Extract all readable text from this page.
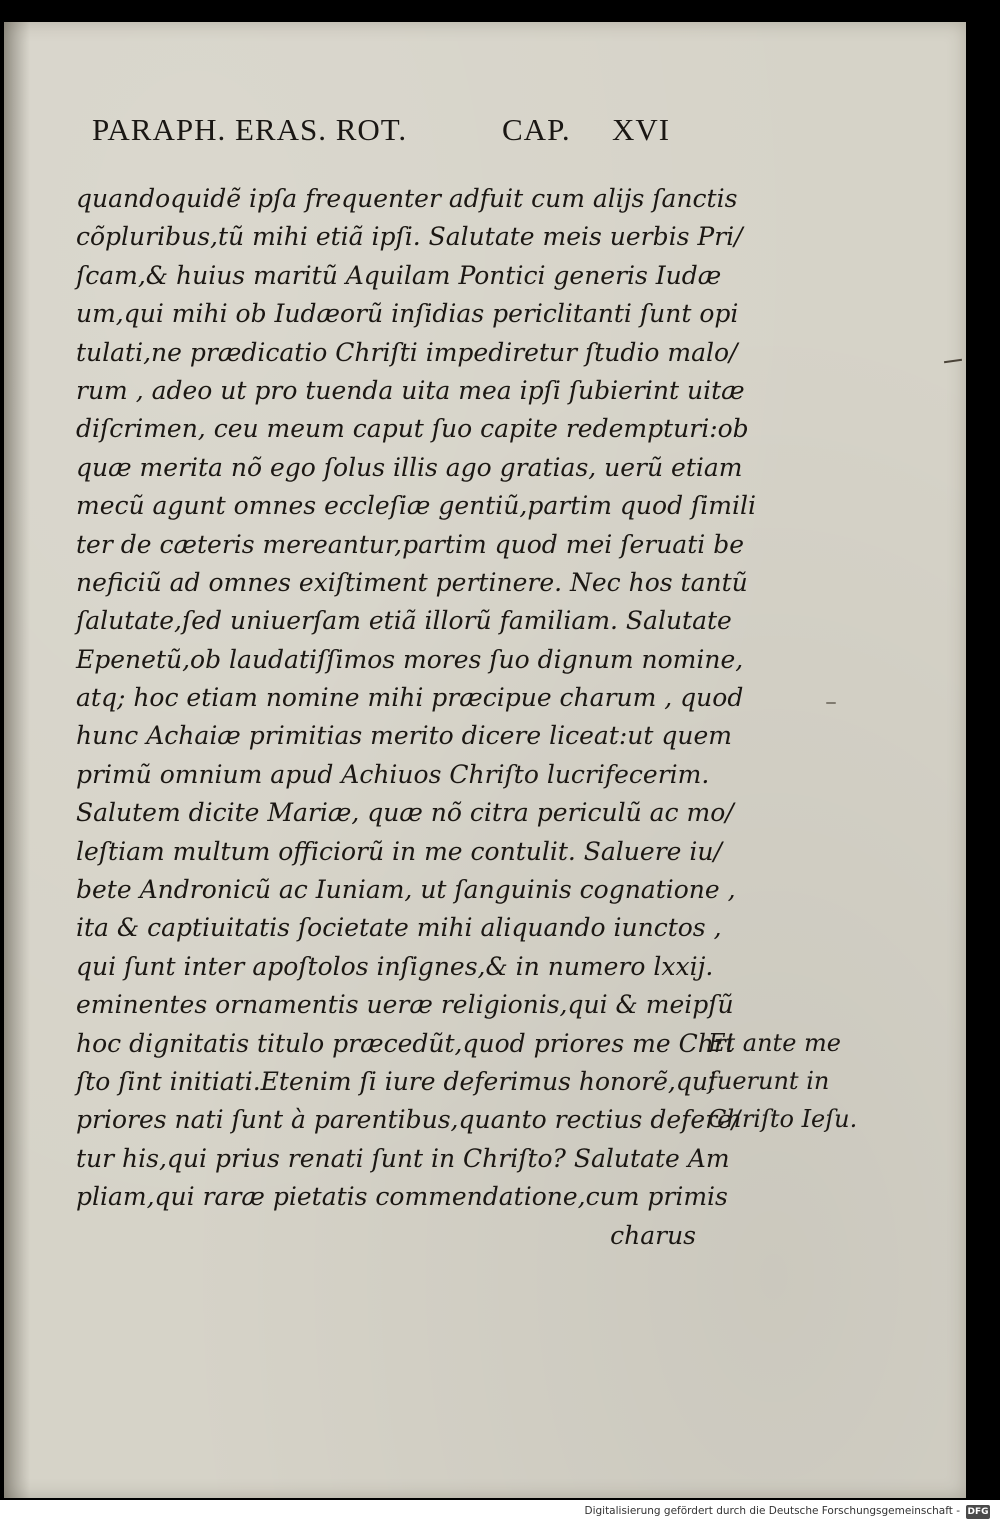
PARAPH. ERAS. ROT.	CAP. XVI
quandoquidẽ ipſa frequenter adfuit cum alijs ſanctis
cõpluribus,tũ mihi etiã ipſi. Salutate meis uerbis Pri/
ſcam,& huius maritũ Aquilam Pontici generis Iudæ
um,qui mihi ob Iudæorũ inſidias periclitanti ſunt opi
tulati,ne prædicatio Chriſti impediretur ſtudio malo/
rum , adeo ut pro tuenda uita mea ipſi ſubierint uitæ
diſcrimen, ceu meum caput ſuo capite redempturi:ob
quæ merita nõ ego ſolus illis ago gratias, uerũ etiam
mecũ agunt omnes eccleſiæ gentiũ,partim quod ſimili
ter de cæteris mereantur,partim quod mei ſeruati be
neficiũ ad omnes exiſtiment pertinere. Nec hos tantũ
ſalutate,ſed uniuerſam etiã illorũ familiam. Salutate
Epenetũ,ob laudatiſſimos mores ſuo dignum nomine,
atq; hoc etiam nomine mihi præcipue charum , quod
hunc Achaiæ primitias merito dicere liceat:ut quem
primũ omnium apud Achiuos Chriſto lucrifecerim.
Salutem dicite Mariæ, quæ nõ citra periculũ ac mo/
leſtiam multum officiorũ in me contulit. Saluere iu/
bete Andronicũ ac Iuniam, ut ſanguinis cognatione ,
ita & captiuitatis ſocietate mihi aliquando iunctos ,
qui ſunt inter apoſtolos inſignes,& in numero lxxij.
eminentes ornamentis ueræ religionis,qui & meipſũ
hoc dignitatis titulo præcedũt,quod priores me Chri
ſto ſint initiati.Etenim ſi iure deferimus honorẽ,qui
priores nati ſunt à parentibus,quanto rectius defere/
tur his,qui prius renati ſunt in Chriſto? Salutate Am
pliam,qui raræ pietatis commendatione,cum primis
charus
Et ante me
fuerunt in
Chriſto Ieſu.
Digitalisierung gefördert durch die Deutsche Forschungsgemeinschaft - DFG
